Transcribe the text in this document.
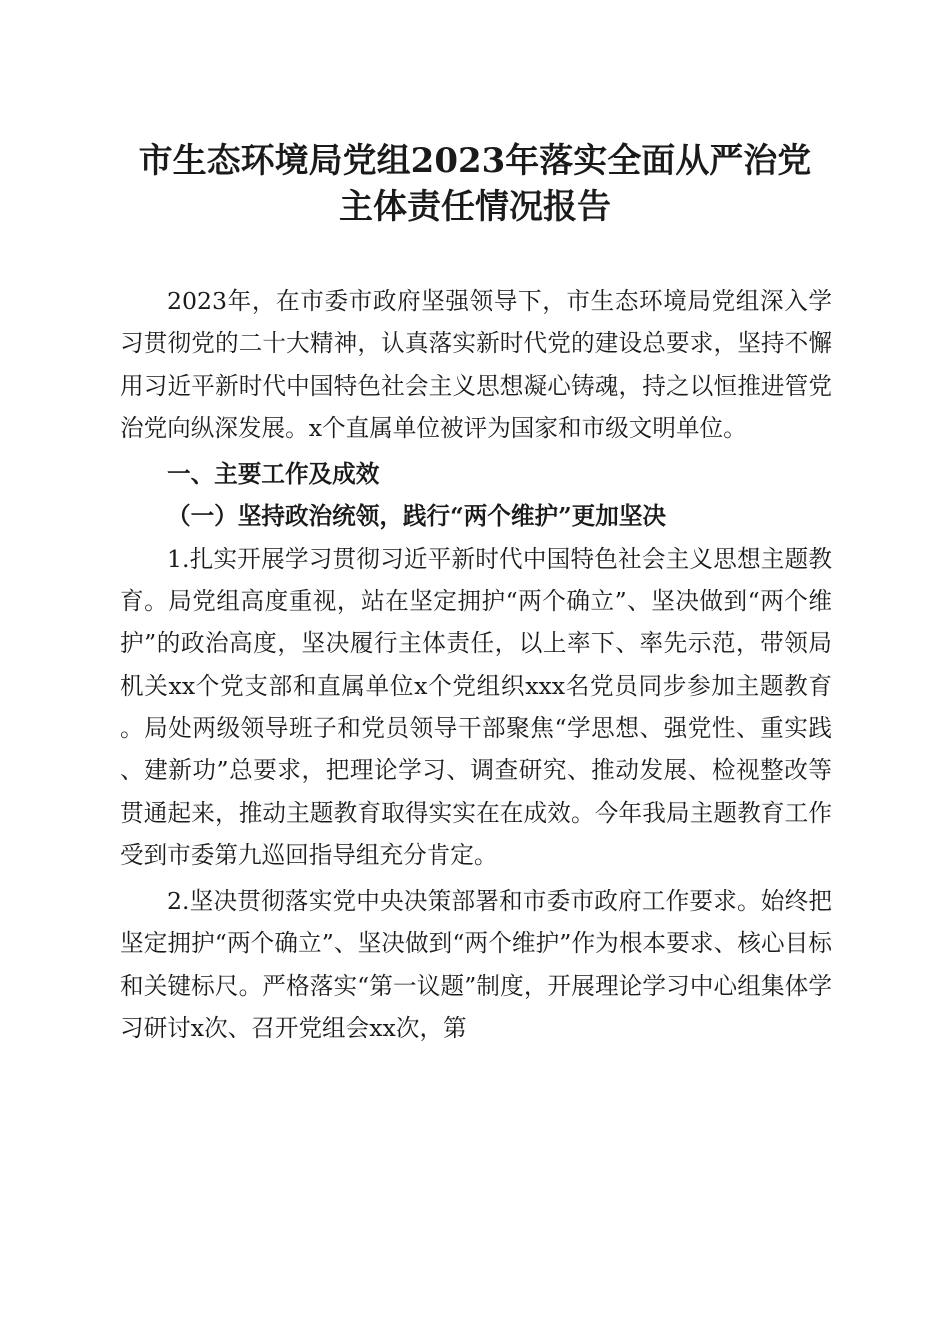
市生态环境局党组2023年落实全面从严治党
主体责任情况报告

2023年，在市委市政府坚强领导下，市生态环境局党组深入学习贯彻党的二十大精神，认真落实新时代党的建设总要求，坚持不懈用习近平新时代中国特色社会主义思想凝心铸魂，持之以恒推进管党治党向纵深发展。x个直属单位被评为国家和市级文明单位。

一、主要工作及成效

（一）坚持政治统领，践行“两个维护”更加坚决

1.扎实开展学习贯彻习近平新时代中国特色社会主义思想主题教育。局党组高度重视，站在坚定拥护“两个确立”、坚决做到“两个维护”的政治高度，坚决履行主体责任，以上率下、率先示范，带领局机关xx个党支部和直属单位x个党组织xxx名党员同步参加主题教育。局处两级领导班子和党员领导干部聚焦“学思想、强党性、重实践、建新功”总要求，把理论学习、调查研究、推动发展、检视整改等贯通起来，推动主题教育取得实实在在成效。今年我局主题教育工作受到市委第九巡回指导组充分肯定。

2.坚决贯彻落实党中央决策部署和市委市政府工作要求。始终把坚定拥护“两个确立”、坚决做到“两个维护”作为根本要求、核心目标和关键标尺。严格落实“第一议题”制度，开展理论学习中心组集体学习研讨x次、召开党组会xx次，第
